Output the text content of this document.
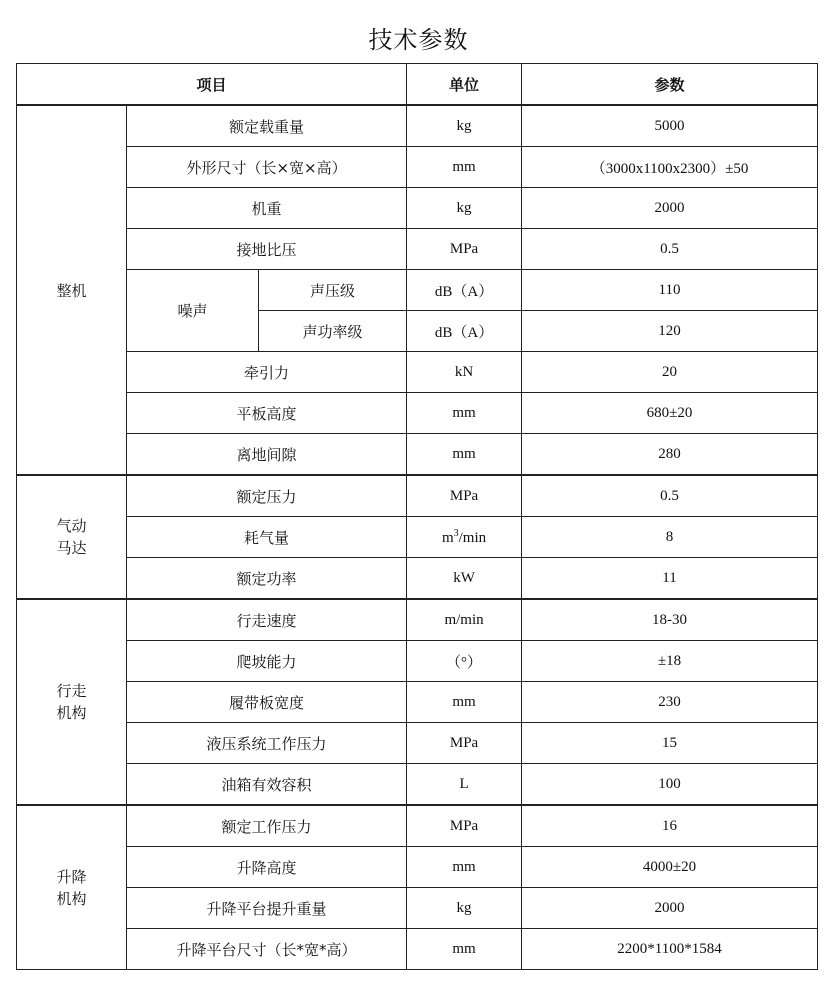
技术参数
项目			单位	参数
整机	额定载重量		kg	5000
	外形尺寸（长×宽×高）		mm	（3000x1100x2300）±50
	机重		kg	2000
	接地比压		MPa	0.5
	噪声	声压级	dB（A）	110
		声功率级	dB（A）	120
	牵引力		kN	20
	平板高度		mm	680±20
	离地间隙		mm	280

气动
马达	额定压力		MPa	0.5
	耗气量		$m^3/\min$	8
	额定功率		kW	11

行走
机构	行走速度		m/min	18-30
	爬坡能力		（°）	±18
	履带板宽度		mm	230
	液压系统工作压力		MPa	15
	油箱有效容积		L	100

升降
机构	额定工作压力		MPa	16
	升降高度		mm	4000±20
	升降平台提升重量		kg	2000
	升降平台尺寸（长*宽*高）		mm	2200*1100*1584
